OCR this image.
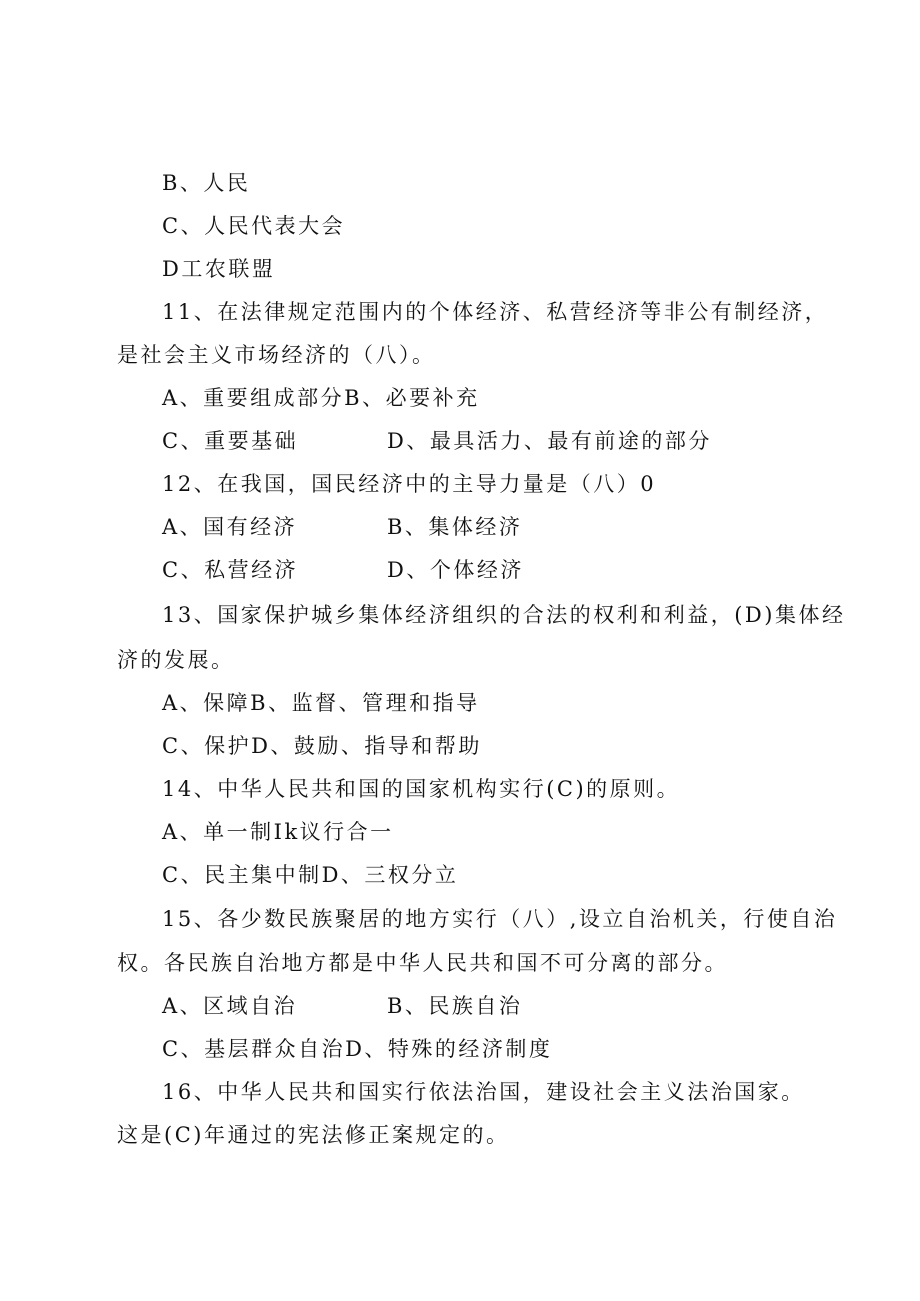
B、人民
C、人民代表大会
D工农联盟
11、在法律规定范围内的个体经济、私营经济等非公有制经济，
是社会主义市场经济的（八）。
A、重要组成部分B、必要补充
C、重要基础	D、最具活力、最有前途的部分
12、在我国，国民经济中的主导力量是（八）0
A、国有经济	B、集体经济
C、私营经济	D、个体经济
13、国家保护城乡集体经济组织的合法的权利和利益，(D)集体经
济的发展。
A、保障B、监督、管理和指导
C、保护D、鼓励、指导和帮助
14、中华人民共和国的国家机构实行(C)的原则。
A、单一制Ik议行合一
C、民主集中制D、三权分立
15、各少数民族聚居的地方实行（八）,设立自治机关，行使自治
权。各民族自治地方都是中华人民共和国不可分离的部分。
A、区域自治	B、民族自治
C、基层群众自治D、特殊的经济制度
16、中华人民共和国实行依法治国，建设社会主义法治国家。
这是(C)年通过的宪法修正案规定的。
